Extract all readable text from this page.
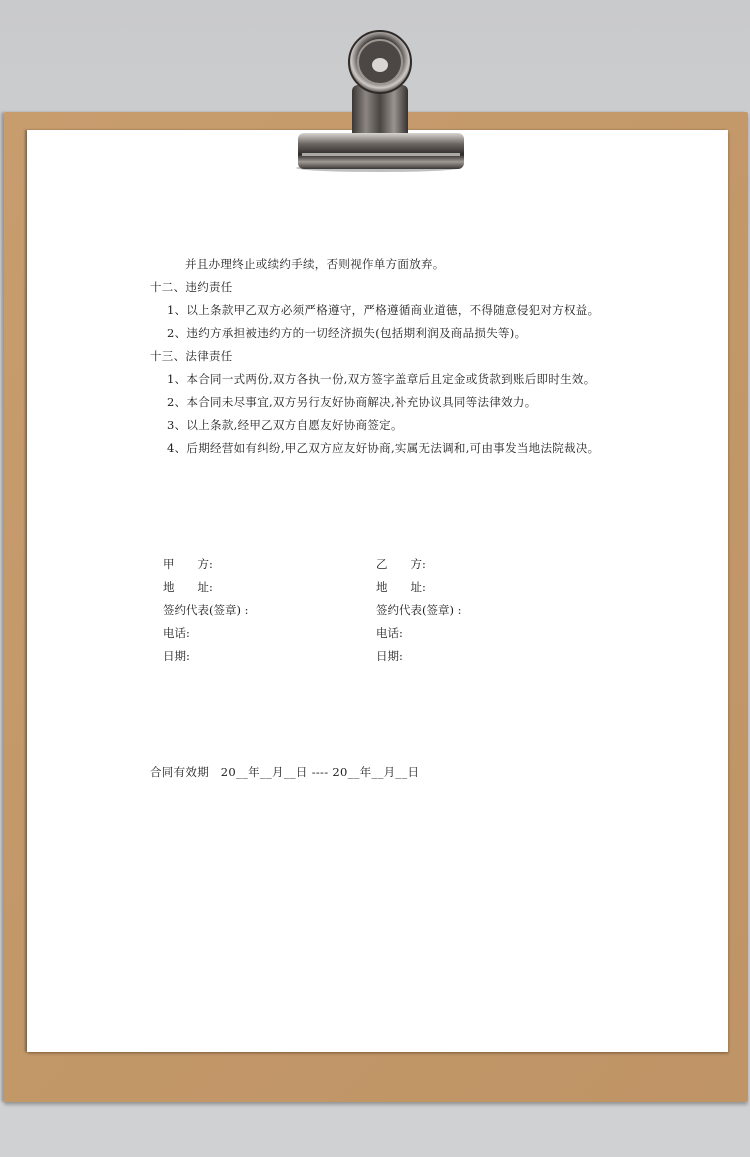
并且办理终止或续约手续，否则视作单方面放弃。
十二、违约责任
1、以上条款甲乙双方必须严格遵守，严格遵循商业道德，不得随意侵犯对方权益。
2、违约方承担被违约方的一切经济损失(包括期利润及商品损失等)。
十三、法律责任
1、本合同一式两份,双方各执一份,双方签字盖章后且定金或货款到账后即时生效。
2、本合同未尽事宜,双方另行友好协商解决,补充协议具同等法律效力。
3、以上条款,经甲乙双方自愿友好协商签定。
4、后期经营如有纠纷,甲乙双方应友好协商,实属无法调和,可由事发当地法院裁决。
甲　　方:
地　　址:
签约代表(签章) :
电话:
日期:
乙　　方:
地　　址:
签约代表(签章) :
电话:
日期:
合同有效期　20__年__月__日 ---- 20__年__月__日
